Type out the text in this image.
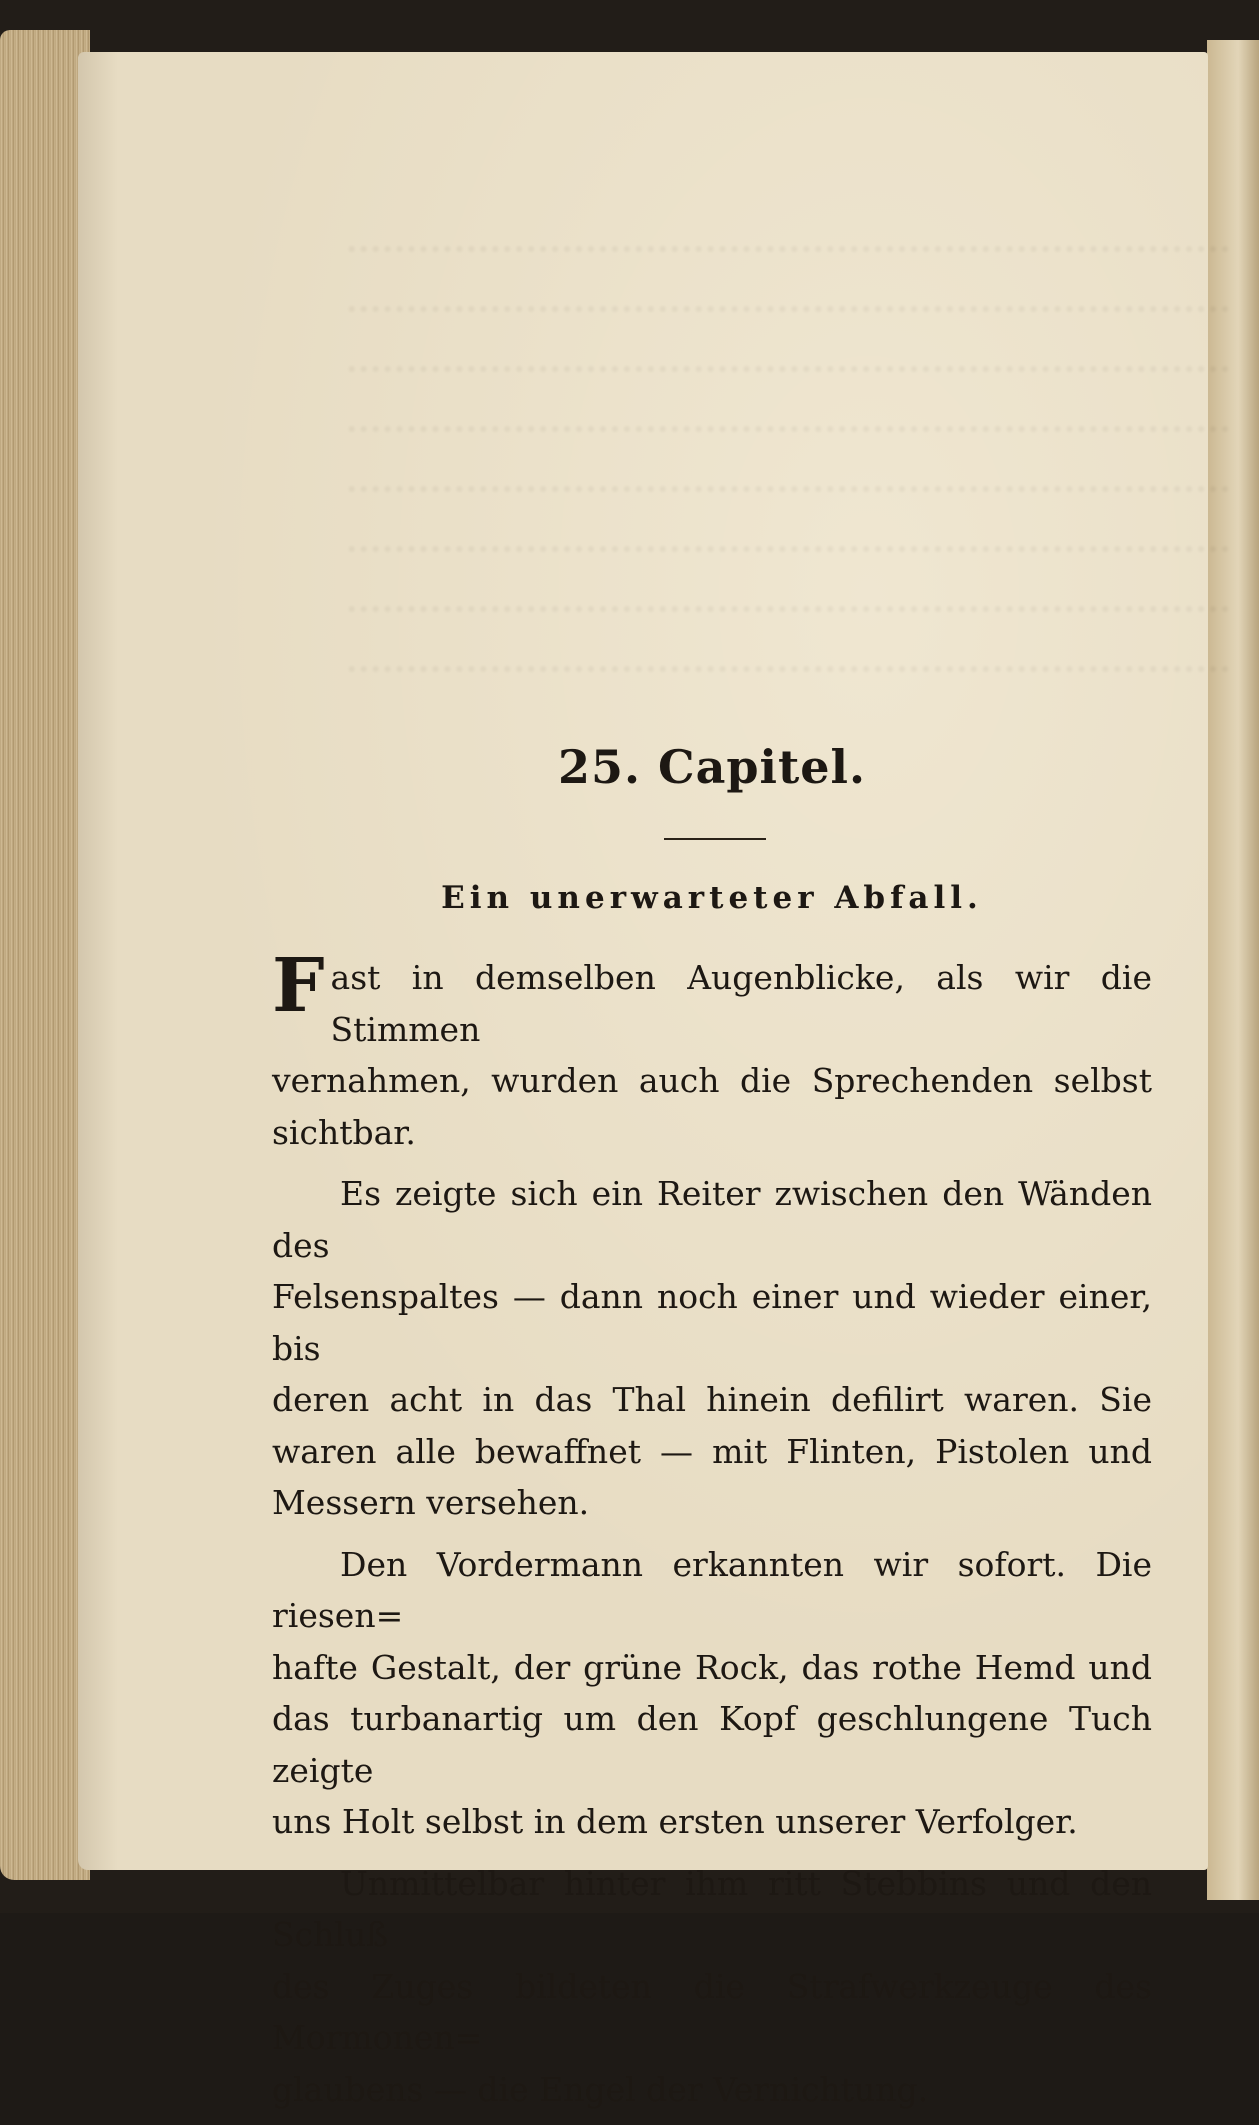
25. Capitel.
Ein unerwarteter Abfall.

F ast in demselben Augenblicke, als wir die Stimmen
vernahmen, wurden auch die Sprechenden selbst sichtbar.

Es zeigte sich ein Reiter zwischen den Wänden des
Felsenspaltes — dann noch einer und wieder einer, bis
deren acht in das Thal hinein defilirt waren. Sie
waren alle bewaffnet — mit Flinten, Pistolen und
Messern versehen.

Den Vordermann erkannten wir sofort. Die riesen=
hafte Gestalt, der grüne Rock, das rothe Hemd und
das turbanartig um den Kopf geschlungene Tuch zeigte
uns Holt selbst in dem ersten unserer Verfolger.

Unmittelbar hinter ihm ritt Stebbins und den Schluß
des Zuges bildeten die Strafwerkzeuge des Mormonen=
glaubens — die Engel der Vernichtung.
